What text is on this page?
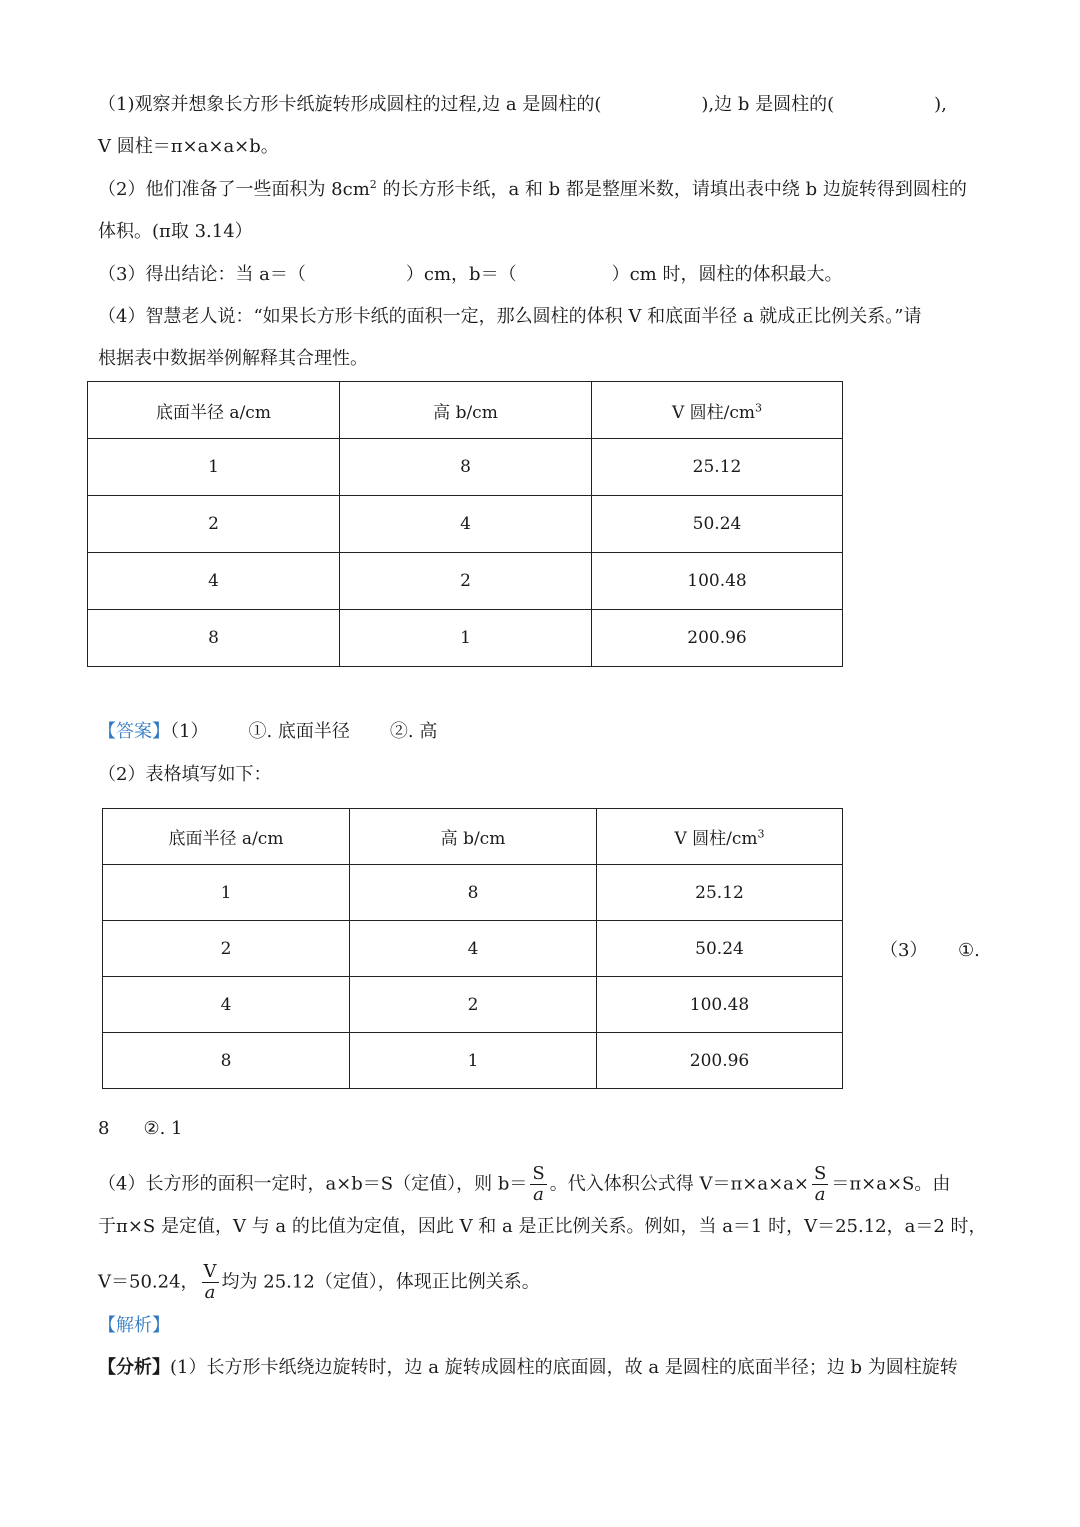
（1)观察并想象长方形卡纸旋转形成圆柱的过程,边 a 是圆柱的(	),边 b 是圆柱的(	),
V 圆柱＝π×a×a×b。
（2）他们准备了一些面积为 $8cm^2$ 的长方形卡纸，a 和 b 都是整厘米数，请填出表中绕 b 边旋转得到圆柱的
体积。(π取 3.14）
（3）得出结论：当 a＝（	）cm，b＝（	）cm 时，圆柱的体积最大。
（4）智慧老人说：“如果长方形卡纸的面积一定，那么圆柱的体积 V 和底面半径 a 就成正比例关系。”请
根据表中数据举例解释其合理性。
底面半径 a/cm	高 b/cm	V 圆柱$/cm^3$
1	8	25.12
2	4	50.24
4	2	100.48
8	1	200.96
【答案】（1） ①. 底面半径 ②. 高
（2）表格填写如下：
底面半径 a/cm	高 b/cm	V 圆柱$/cm^3$
1	8	25.12
2	4	50.24
4	2	100.48
8	1	200.96
（3） ①.
8 ②. 1
（4）长方形的面积一定时，a×b＝S（定值），则 $b= \frac{S}{a}$ 。代入体积公式得 $V=\pi\times a\times a\times \frac{S}{a} =\pi\times a\times S$。由
于π×S 是定值，V 与 a 的比值为定值，因此 V 和 a 是正比例关系。例如，当 a＝1 时，V＝25.12，a＝2 时，
V＝50.24， $\frac{V}{a}$ 均为 25.12（定值），体现正比例关系。
【解析】
【分析】(1）长方形卡纸绕边旋转时，边 a 旋转成圆柱的底面圆，故 a 是圆柱的底面半径；边 b 为圆柱旋转
